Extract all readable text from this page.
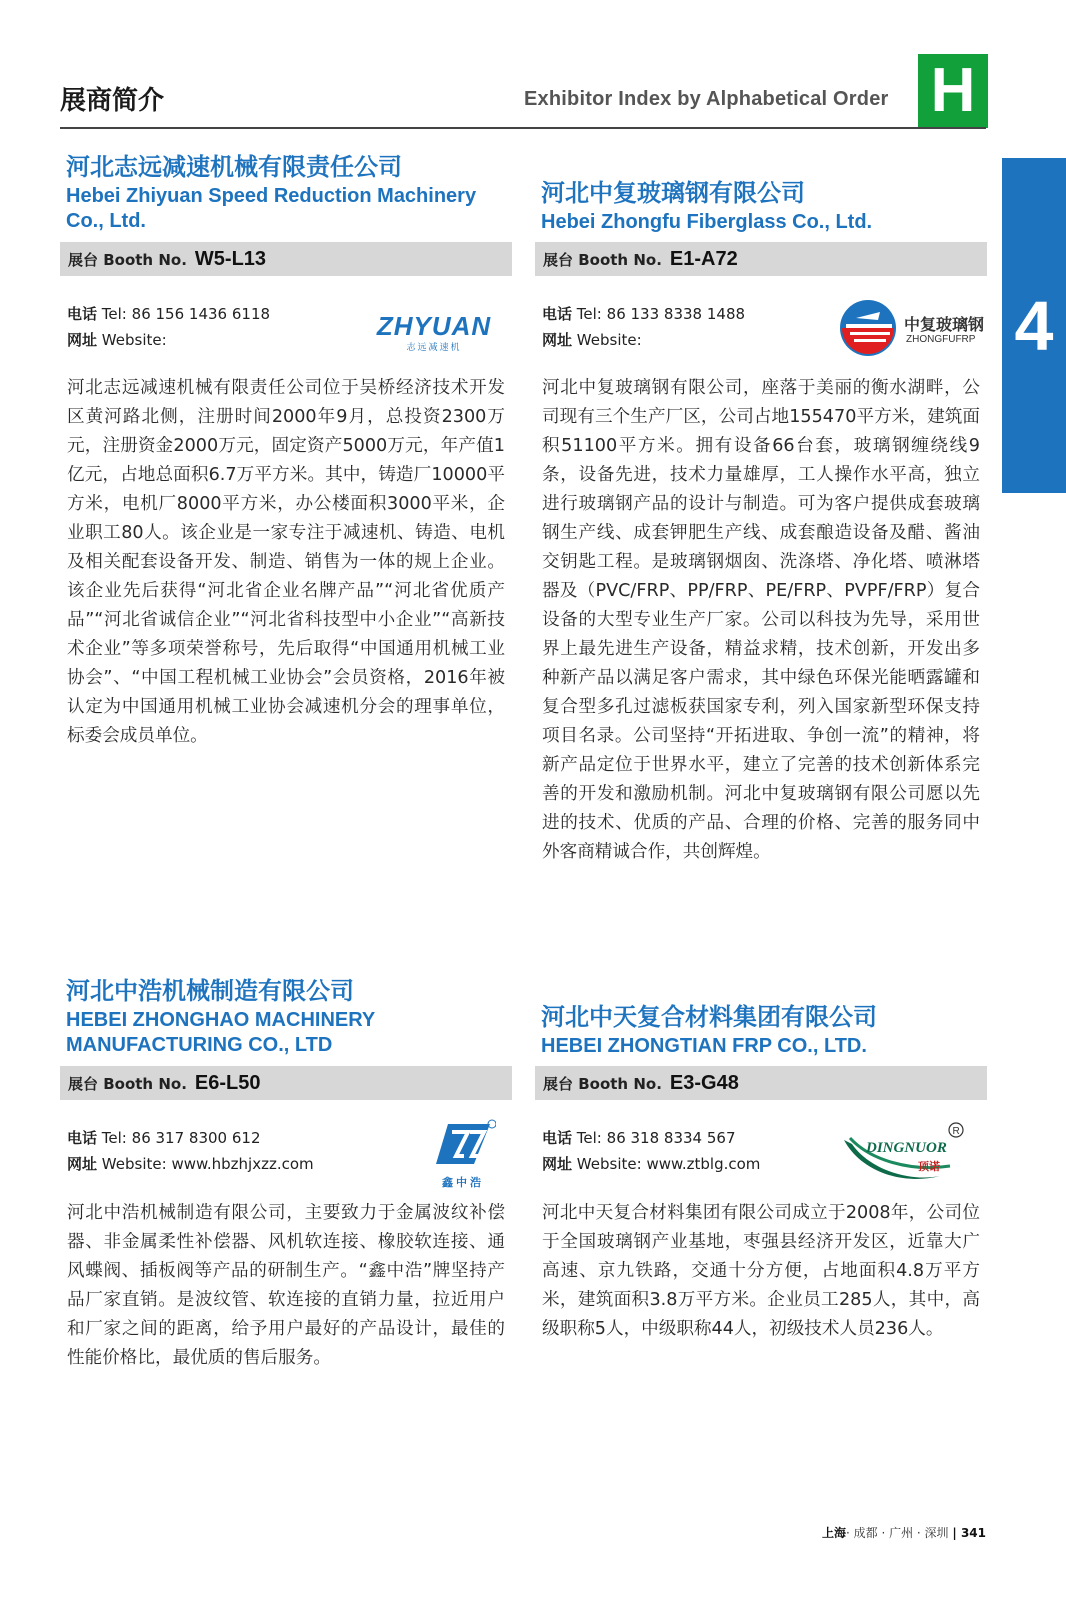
展商简介	Exhibitor Index by Alphabetical Order H
4
河北志远减速机械有限责任公司
Hebei Zhiyuan Speed Reduction Machinery
Co., Ltd.
展台 Booth No. W5-L13
电话 Tel: 86 156 1436 6118
网址 Website:	ZHYUAN
志远减速机
河北志远减速机械有限责任公司位于吴桥经济技术开发区黄河路北侧，注册时间2000年9月，总投资2300万元，注册资金2000万元，固定资产5000万元，年产值1亿元，占地总面积6.7万平方米。其中，铸造厂10000平方米，电机厂8000平方米，办公楼面积3000平米，企业职工80人。该企业是一家专注于减速机、铸造、电机及相关配套设备开发、制造、销售为一体的规上企业。该企业先后获得“河北省企业名牌产品”“河北省优质产品”“河北省诚信企业”“河北省科技型中小企业”“高新技术企业”等多项荣誉称号，先后取得“中国通用机械工业协会”、“中国工程机械工业协会”会员资格，2016年被认定为中国通用机械工业协会减速机分会的理事单位，标委会成员单位。
河北中复玻璃钢有限公司
Hebei Zhongfu Fiberglass Co., Ltd.
展台 Booth No. E1-A72
电话 Tel: 86 133 8338 1488
网址 Website:
中复玻璃钢
ZHONGFUFRP
河北中复玻璃钢有限公司，座落于美丽的衡水湖畔，公司现有三个生产厂区，公司占地155470平方米，建筑面积51100平方米。拥有设备66台套，玻璃钢缠绕线9条，设备先进，技术力量雄厚，工人操作水平高，独立进行玻璃钢产品的设计与制造。可为客户提供成套玻璃钢生产线、成套钾肥生产线、成套酿造设备及醋、酱油交钥匙工程。是玻璃钢烟囱、洗涤塔、净化塔、喷淋塔器及（PVC/FRP、PP/FRP、PE/FRP、PVPF/FRP）复合设备的大型专业生产厂家。公司以科技为先导，采用世界上最先进生产设备，精益求精，技术创新，开发出多种新产品以满足客户需求，其中绿色环保光能晒露罐和复合型多孔过滤板获国家专利，列入国家新型环保支持项目名录。公司坚持“开拓进取、争创一流”的精神，将新产品定位于世界水平，建立了完善的技术创新体系完善的开发和激励机制。河北中复玻璃钢有限公司愿以先进的技术、优质的产品、合理的价格、完善的服务同中外客商精诚合作，共创辉煌。
河北中浩机械制造有限公司
HEBEI ZHONGHAO MACHINERY
MANUFACTURING CO., LTD
展台 Booth No. E6-L50
电话 Tel: 86 317 8300 612
网址 Website: www.hbzhjxzz.com
鑫中浩
河北中浩机械制造有限公司，主要致力于金属波纹补偿器、非金属柔性补偿器、风机软连接、橡胶软连接、通风蝶阀、插板阀等产品的研制生产。“鑫中浩”牌坚持产品厂家直销。是波纹管、软连接的直销力量，拉近用户和厂家之间的距离，给予用户最好的产品设计，最佳的性能价格比，最优质的售后服务。
河北中天复合材料集团有限公司
HEBEI ZHONGTIAN FRP CO., LTD.
展台 Booth No. E3-G48
电话 Tel: 86 318 8334 567
网址 Website: www.ztblg.com
R
DINGNUOR
顶诺
河北中天复合材料集团有限公司成立于2008年，公司位于全国玻璃钢产业基地，枣强县经济开发区，近靠大广高速、京九铁路，交通十分方便，占地面积4.8万平方米，建筑面积3.8万平方米。企业员工285人，其中，高级职称5人，中级职称44人，初级技术人员236人。
上海· 成都 · 广州 · 深圳 | 341
